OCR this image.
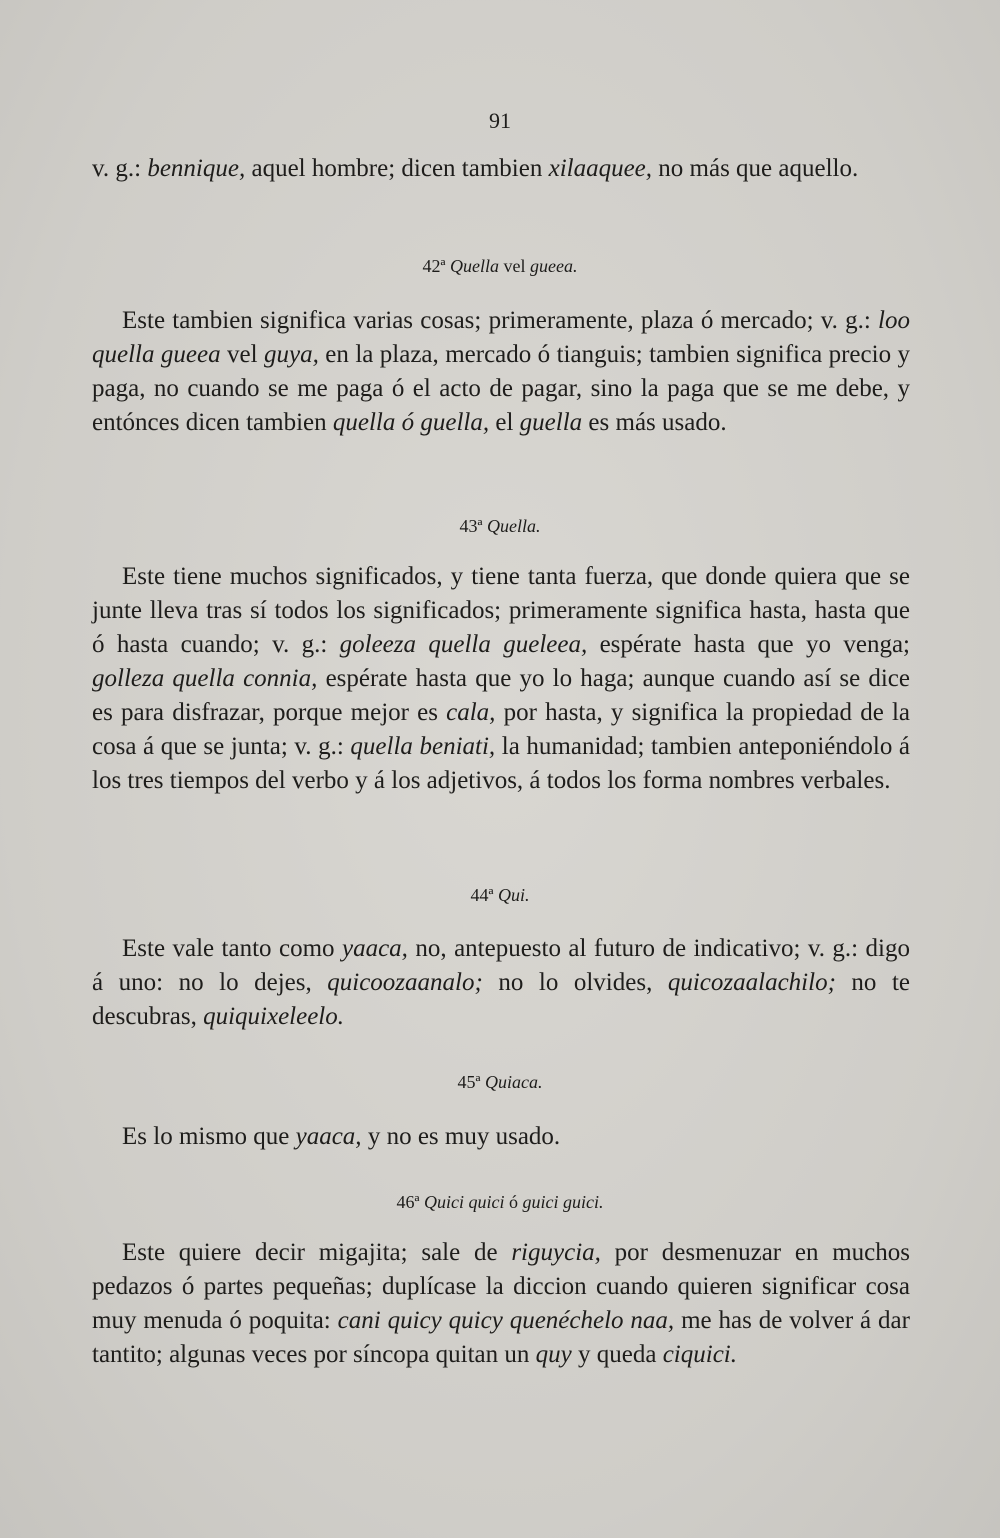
91

v. g.: bennique, aquel hombre; dicen tambien xilaaquee, no más que aquello.

42ª Quella vel gueea.

Este tambien significa varias cosas; primeramente, plaza ó mercado; v. g.: loo quella gueea vel guya, en la plaza, mercado ó tianguis; tambien significa precio y paga, no cuando se me paga ó el acto de pagar, sino la paga que se me debe, y entónces dicen tambien quella ó guella, el guella es más usado.

43ª Quella.

Este tiene muchos significados, y tiene tanta fuerza, que donde quiera que se junte lleva tras sí todos los significados; primeramente significa hasta, hasta que ó hasta cuando; v. g.: goleeza quella gueleea, espérate hasta que yo venga; golleza quella connia, espérate hasta que yo lo haga; aunque cuando así se dice es para disfrazar, porque mejor es cala, por hasta, y significa la propiedad de la cosa á que se junta; v. g.: quella beniati, la humanidad; tambien anteponiéndolo á los tres tiempos del verbo y á los adjetivos, á todos los forma nombres verbales.

44ª Qui.

Este vale tanto como yaaca, no, antepuesto al futuro de indicativo; v. g.: digo á uno: no lo dejes, quicoozaanalo; no lo olvides, quicozaalachilo; no te descubras, quiquixeleelo.

45ª Quiaca.

Es lo mismo que yaaca, y no es muy usado.

46ª Quici quici ó guici guici.

Este quiere decir migajita; sale de riguycia, por desmenuzar en muchos pedazos ó partes pequeñas; duplícase la diccion cuando quieren significar cosa muy menuda ó poquita: cani quicy quicy quenéchelo naa, me has de volver á dar tantito; algunas veces por síncopa quitan un quy y queda ciquici.
